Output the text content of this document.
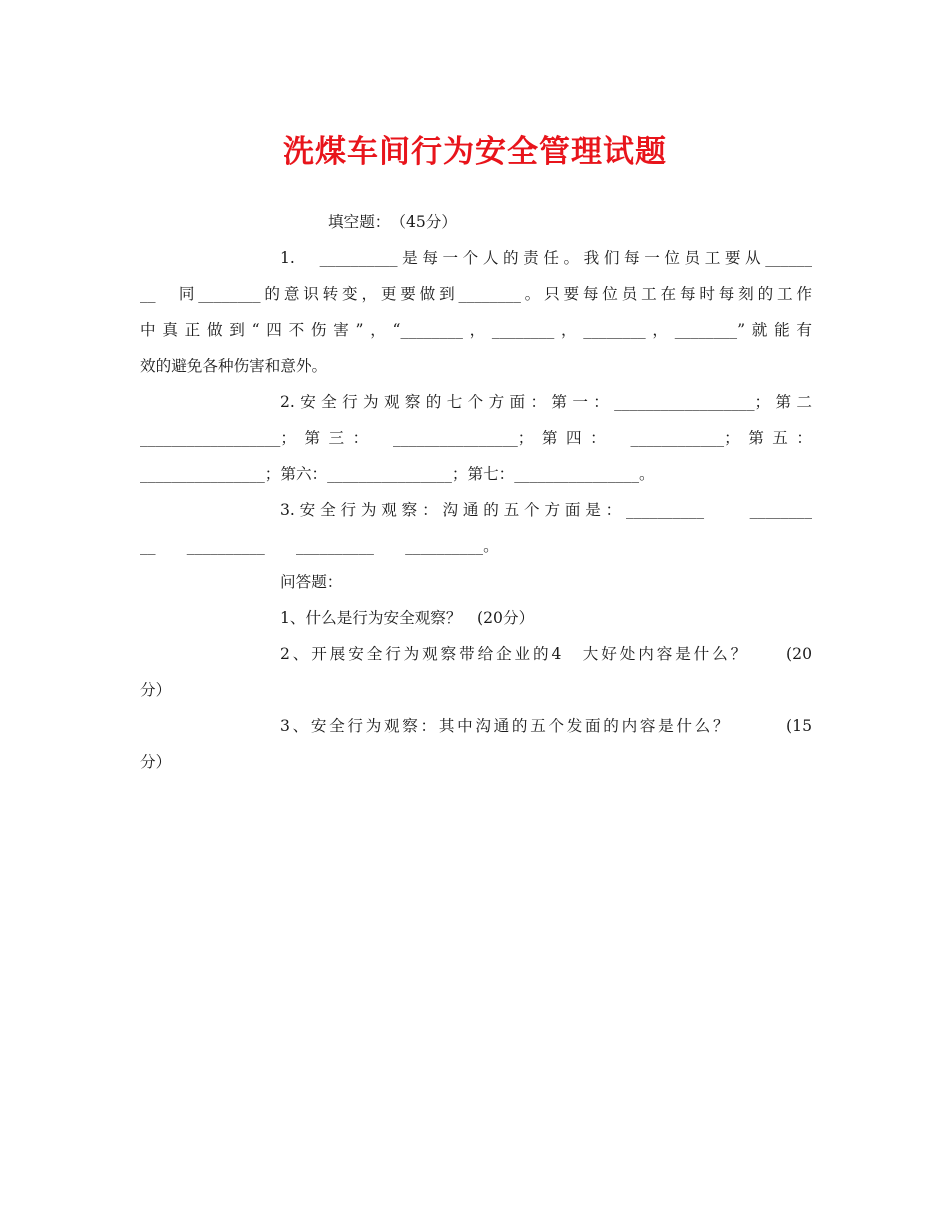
洗煤车间行为安全管理试题
填空题：　（45分）
1.　__________是每一个人的责任。我们每一位员工要从______
__　同________的意识转变，更要做到________。只要每位员工在每时每刻的工作
中真正做到“四不伤害”，“________，________，________，________”就能有
效的避免各种伤害和意外。
2.安全行为观察的七个方面：第一：__________________；第二
__________________；第三：　________________；第四：　____________；第五：
________________；第六：________________；第七：________________。
3.安全行为观察：沟通的五个方面是：__________　　________
__　　__________　　__________　　__________。
问答题：
1、什么是行为安全观察？　(20分）
2、开展安全行为观察带给企业的4　大好处内容是什么？　　(20
分）
3、安全行为观察：其中沟通的五个发面的内容是什么？　　　(15
分）
